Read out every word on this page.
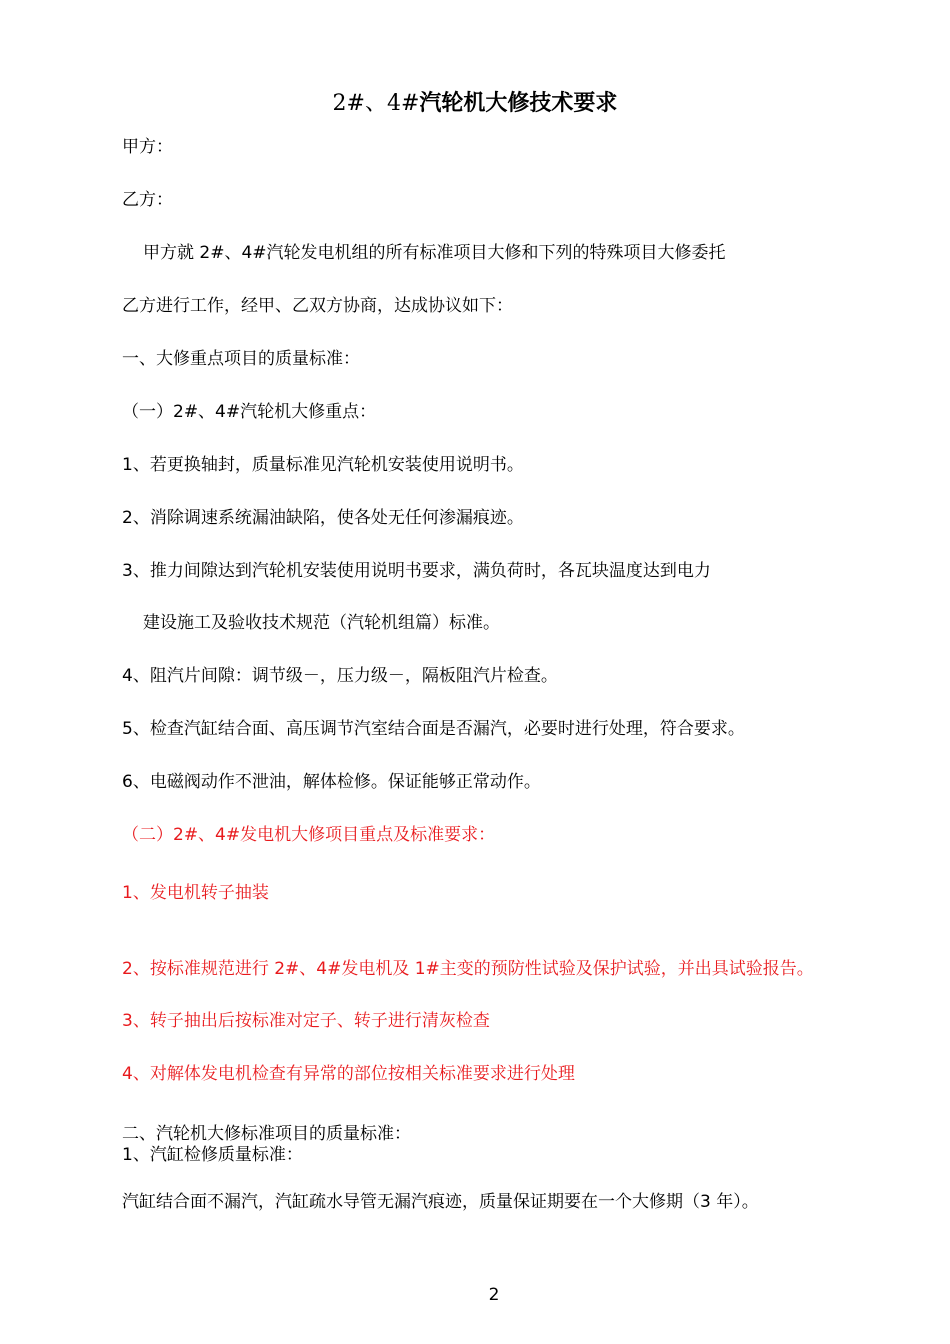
2#、4#汽轮机大修技术要求
甲方：
乙方：
甲方就 2#、4#汽轮发电机组的所有标准项目大修和下列的特殊项目大修委托
乙方进行工作，经甲、乙双方协商，达成协议如下：
一、大修重点项目的质量标准：
（一）2#、4#汽轮机大修重点：
1、若更换轴封，质量标准见汽轮机安装使用说明书。
2、消除调速系统漏油缺陷，使各处无任何渗漏痕迹。
3、推力间隙达到汽轮机安装使用说明书要求，满负荷时，各瓦块温度达到电力
建设施工及验收技术规范（汽轮机组篇）标准。
4、阻汽片间隙：调节级－，压力级－，隔板阻汽片检查。
5、检查汽缸结合面、高压调节汽室结合面是否漏汽，必要时进行处理，符合要求。
6、电磁阀动作不泄油，解体检修。保证能够正常动作。
（二）2#、4#发电机大修项目重点及标准要求：
1、发电机转子抽装
2、按标准规范进行 2#、4#发电机及 1#主变的预防性试验及保护试验，并出具试验报告。
3、转子抽出后按标准对定子、转子进行清灰检查
4、对解体发电机检查有异常的部位按相关标准要求进行处理
二、汽轮机大修标准项目的质量标准：
1、汽缸检修质量标准：
汽缸结合面不漏汽，汽缸疏水导管无漏汽痕迹，质量保证期要在一个大修期（3 年）。
2
